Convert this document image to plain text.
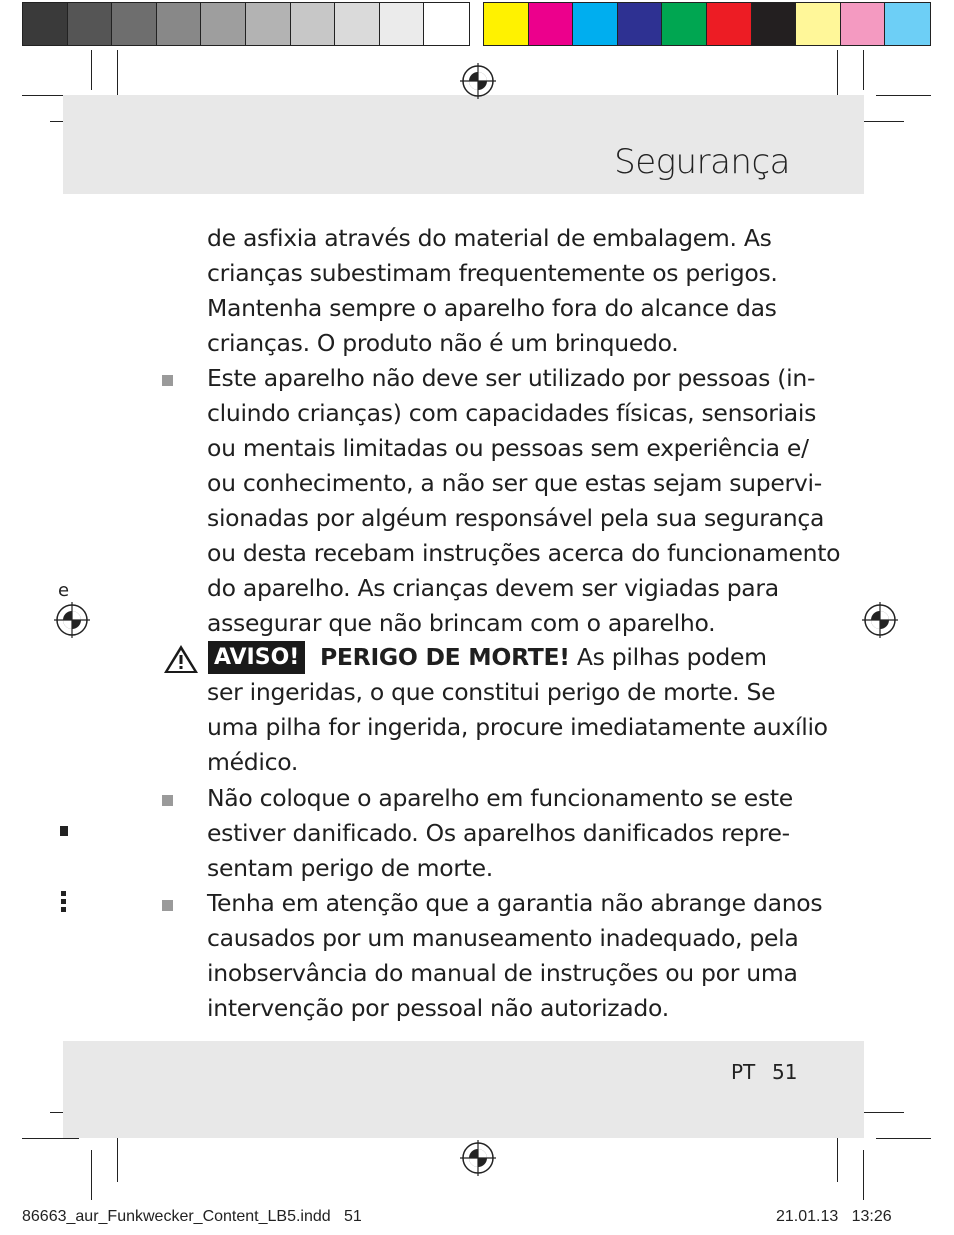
Segurança
e
de asfixia através do material de embalagem. As
crianças subestimam frequentemente os perigos.
Mantenha sempre o aparelho fora do alcance das
crianças. O produto não é um brinquedo.
Este aparelho não deve ser utilizado por pessoas (in-
cluindo crianças) com capacidades físicas, sensoriais
ou mentais limitadas ou pessoas sem experiência e/
ou conhecimento, a não ser que estas sejam supervi-
sionadas por algéum responsável pela sua segurança
ou desta recebam instruções acerca do funcionamento
do aparelho. As crianças devem ser vigiadas para
assegurar que não brincam com o aparelho.
AVISO! PERIGO DE MORTE! As pilhas podem
ser ingeridas, o que constitui perigo de morte. Se
uma pilha for ingerida, procure imediatamente auxílio
médico.
Não coloque o aparelho em funcionamento se este
estiver danificado. Os aparelhos danificados repre-
sentam perigo de morte.
Tenha em atenção que a garantia não abrange danos
causados por um manuseamento inadequado, pela
inobservância do manual de instruções ou por uma
intervenção por pessoal não autorizado.
PT 51
86663_aur_Funkwecker_Content_LB5.indd   51	21.01.13   13:26
